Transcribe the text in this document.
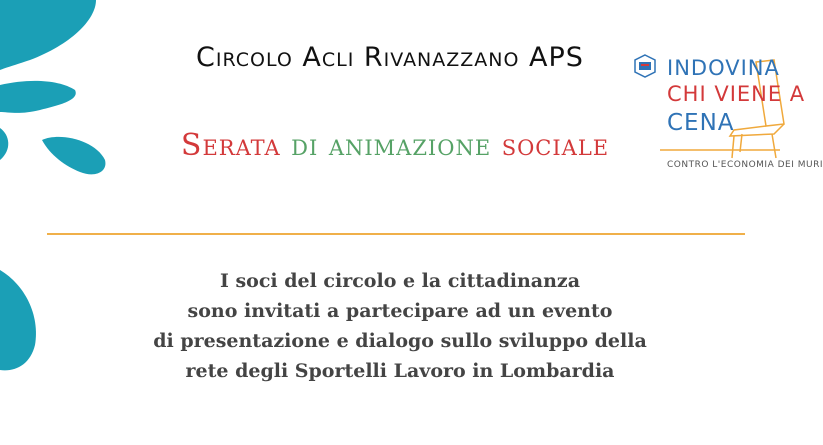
Circolo Acli Rivanazzano APS
Serata di animazione sociale
INDOVINA
CHI VIENE A
CENA
CONTRO L'ECONOMIA DEI MURI
I soci del circolo e la cittadinanza
sono invitati a partecipare ad un evento
di presentazione e dialogo sullo sviluppo della
rete degli Sportelli Lavoro in Lombardia
